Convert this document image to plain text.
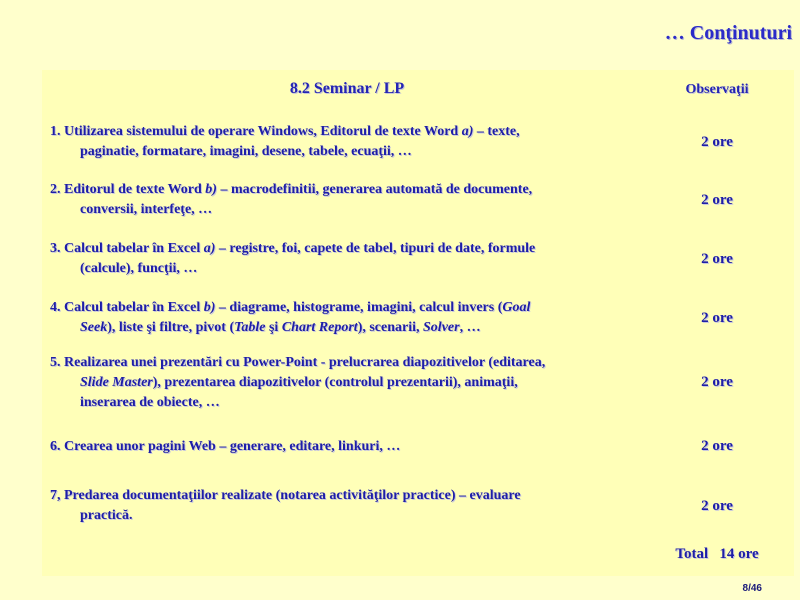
… Conţinuturi
8.2 Seminar / LP	Observaţii
1. Utilizarea sistemului de operare Windows, Editorul de texte Word a) – texte,
paginatie, formatare, imagini, desene, tabele, ecuaţii, …
2 ore
2. Editorul de texte Word b) – macrodefinitii, generarea automată de documente,
conversii, interfeţe, …
2 ore
3. Calcul tabelar în Excel a) – registre, foi, capete de tabel, tipuri de date, formule
(calcule), funcţii, …
2 ore
4. Calcul tabelar în Excel b) – diagrame, histograme, imagini, calcul invers (Goal
Seek), liste şi filtre, pivot (Table şi Chart Report), scenarii, Solver, …
2 ore
5. Realizarea unei prezentări cu Power-Point - prelucrarea diapozitivelor (editarea,
Slide Master), prezentarea diapozitivelor (controlul prezentarii), animaţii,
inserarea de obiecte, …
2 ore
6. Crearea unor pagini Web – generare, editare, linkuri, …	2 ore
7, Predarea documentaţiilor realizate (notarea activităţilor practice) – evaluare
practică.
2 ore
Total   14 ore
8/46
